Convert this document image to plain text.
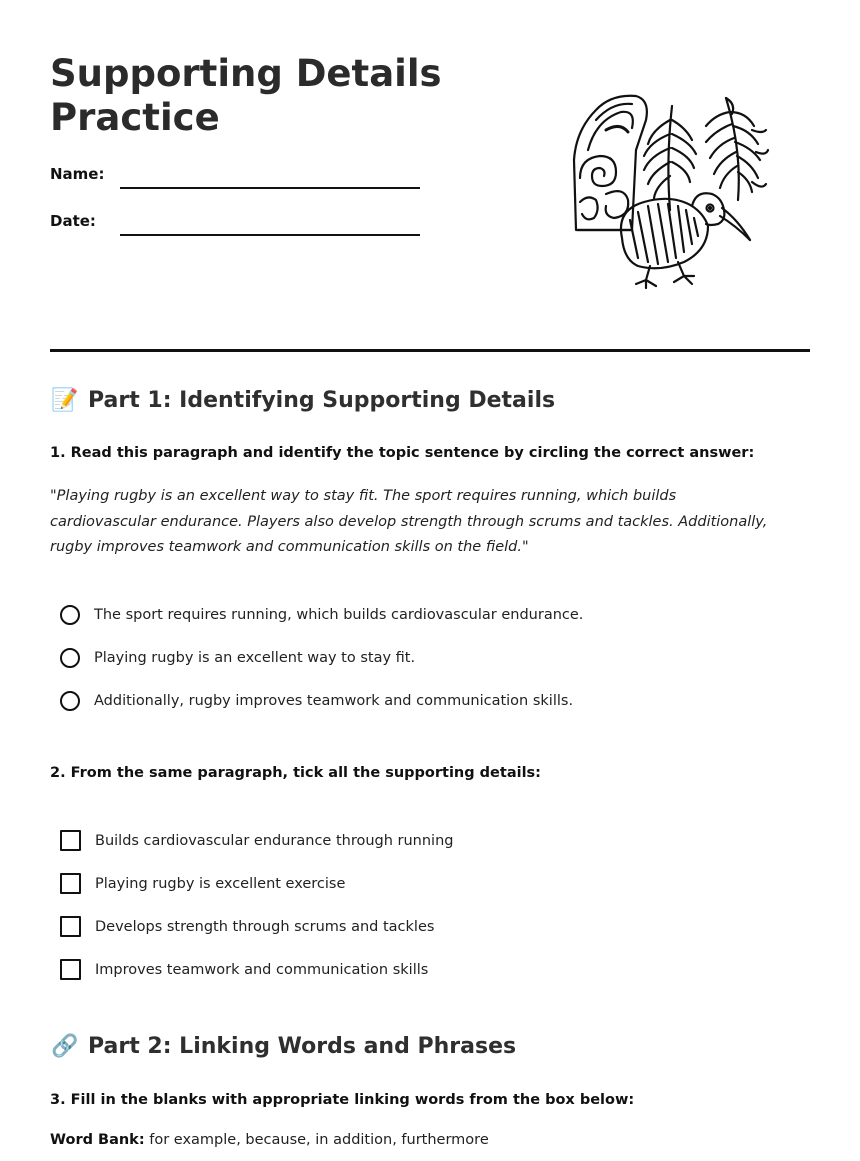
Supporting Details
Practice
Name:
Date:
📝 Part 1: Identifying Supporting Details
1. Read this paragraph and identify the topic sentence by circling the correct answer:
"Playing rugby is an excellent way to stay fit. The sport requires running, which builds cardiovascular endurance. Players also develop strength through scrums and tackles. Additionally, rugby improves teamwork and communication skills on the field."
The sport requires running, which builds cardiovascular endurance.
Playing rugby is an excellent way to stay fit.
Additionally, rugby improves teamwork and communication skills.
2. From the same paragraph, tick all the supporting details:
Builds cardiovascular endurance through running
Playing rugby is excellent exercise
Develops strength through scrums and tackles
Improves teamwork and communication skills
🔗 Part 2: Linking Words and Phrases
3. Fill in the blanks with appropriate linking words from the box below:
Word Bank: for example, because, in addition, furthermore
